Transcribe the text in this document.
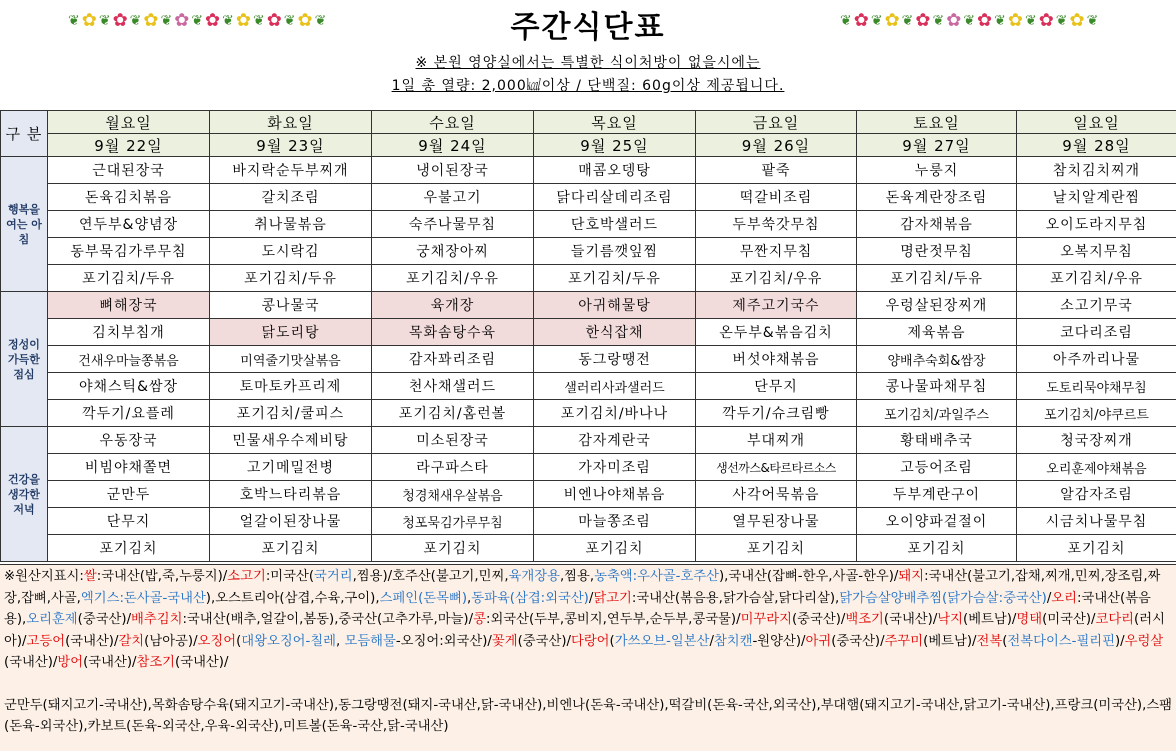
❦ ✿ ❦ ✿ ❦ ✿ ❦ ✿ ❦ ✿ ❦ ✿ ❦ ✿ ❦ ✿ ❦	❦ ✿ ❦ ✿ ❦ ✿ ❦ ✿ ❦ ✿ ❦ ✿ ❦ ✿ ❦ ✿ ❦
주간식단표
※ 본원 영양실에서는 특별한 식이처방이 없을시에는
1일 총 열량: 2,000㎉이상 / 단백질: 60g이상 제공됩니다.
구 분	월요일	화요일	수요일	목요일	금요일	토요일	일요일
	9월 22일	9월 23일	9월 24일	9월 25일	9월 26일	9월 27일	9월 28일
행복을 여는 아침	근대된장국	바지락순두부찌개	냉이된장국	매콤오뎅탕	팥죽	누룽지	참치김치찌개
	돈육김치볶음	갈치조림	우불고기	닭다리살데리조림	떡갈비조림	돈육계란장조림	날치알계란찜
	연두부&양념장	취나물볶음	숙주나물무침	단호박샐러드	두부쑥갓무침	감자채볶음	오이도라지무침
	동부묵김가루무침	도시락김	궁채장아찌	들기름깻잎찜	무짠지무침	명란젓무침	오복지무침
	포기김치/두유	포기김치/두유	포기김치/우유	포기김치/두유	포기김치/우유	포기김치/두유	포기김치/우유
정성이 가득한 점심	뼈해장국	콩나물국	육개장	아귀해물탕	제주고기국수	우렁살된장찌개	소고기무국
	김치부침개	닭도리탕	목화솜탕수육	한식잡채	온두부&볶음김치	제육볶음	코다리조림
	건새우마늘쫑볶음	미역줄기맛살볶음	감자꽈리조림	동그랑땡전	버섯야채볶음	양배추숙회&쌈장	아주까리나물
	야채스틱&쌈장	토마토카프리제	천사채샐러드	샐러리사과샐러드	단무지	콩나물파채무침	도토리묵야채무침
	깍두기/요플레	포기김치/쿨피스	포기김치/홈런볼	포기김치/바나나	깍두기/슈크림빵	포기김치/과일주스	포기김치/야쿠르트
건강을 생각한 저녁	우동장국	민물새우수제비탕	미소된장국	감자계란국	부대찌개	황태배추국	청국장찌개
	비빔야채쫄면	고기메밀전병	라구파스타	가자미조림	생선까스&타르타르소스	고등어조림	오리훈제야채볶음
	군만두	호박느타리볶음	청경채새우살볶음	비엔나야채볶음	사각어묵볶음	두부계란구이	알감자조림
	단무지	얼갈이된장나물	청포묵김가루무침	마늘쫑조림	열무된장나물	오이양파겉절이	시금치나물무침
	포기김치	포기김치	포기김치	포기김치	포기김치	포기김치	포기김치
※원산지표시:쌀:국내산(밥,죽,누룽지)/소고기:미국산(국거리,찜용)/호주산(불고기,민찌,육개장용,찜용,농축액:우사골-호주산),국내산(잡뼈-한우,사골-한우)/돼지:국내산(불고기,잡채,찌개,민찌,장조림,짜장,잡뼈,사골,엑기스:돈사골-국내산),오스트리아(삼겹,수육,구이),스페인(돈목뼈),동파육(삼겹:외국산)/닭고기:국내산(볶음용,닭가슴살,닭다리살),닭가슴살양배추찜(닭가슴살:중국산)/오리:국내산(볶음용),오리훈제(중국산)/배추김치:국내산(배추,얼갈이,봄동),중국산(고추가루,마늘)/콩:외국산(두부,콩비지,연두부,순두부,콩국물)/미꾸라지(중국산)/백조기(국내산)/낙지(베트남)/명태(미국산)/코다리(러시아)/고등어(국내산)/갈치(남아공)/오징어(대왕오징어-칠레, 모듬해물-오징어:외국산)/꽃게(중국산)/다랑어(가쓰오브-일본산/참치캔-원양산)/아귀(중국산)/주꾸미(베트남)/전복(전복다이스-필리핀)/우렁살(국내산)/방어(국내산)/참조기(국내산)/
군만두(돼지고기-국내산),목화솜탕수육(돼지고기-국내산),동그랑땡전(돼지-국내산,닭-국내산),비엔나(돈육-국내산),떡갈비(돈육-국산,외국산),부대햄(돼지고기-국내산,닭고기-국내산),프랑크(미국산),스팸(돈육-외국산),카보트(돈육-외국산,우육-외국산),미트볼(돈육-국산,닭-국내산)
